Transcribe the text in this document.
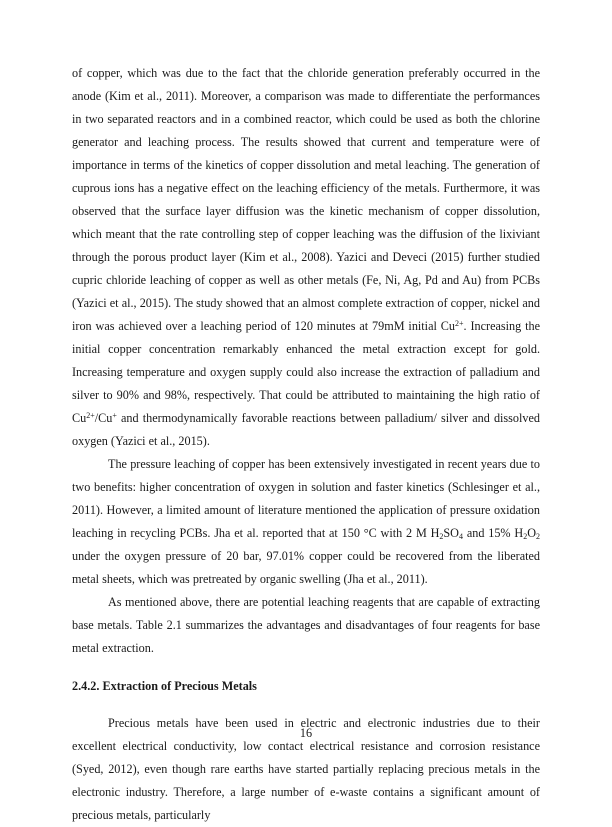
of copper, which was due to the fact that the chloride generation preferably occurred in the anode (Kim et al., 2011). Moreover, a comparison was made to differentiate the performances in two separated reactors and in a combined reactor, which could be used as both the chlorine generator and leaching process. The results showed that current and temperature were of importance in terms of the kinetics of copper dissolution and metal leaching. The generation of cuprous ions has a negative effect on the leaching efficiency of the metals. Furthermore, it was observed that the surface layer diffusion was the kinetic mechanism of copper dissolution, which meant that the rate controlling step of copper leaching was the diffusion of the lixiviant through the porous product layer (Kim et al., 2008). Yazici and Deveci (2015) further studied cupric chloride leaching of copper as well as other metals (Fe, Ni, Ag, Pd and Au) from PCBs (Yazici et al., 2015). The study showed that an almost complete extraction of copper, nickel and iron was achieved over a leaching period of 120 minutes at 79mM initial $Cu^{2+}$. Increasing the initial copper concentration remarkably enhanced the metal extraction except for gold. Increasing temperature and oxygen supply could also increase the extraction of palladium and silver to 90% and 98%, respectively. That could be attributed to maintaining the high ratio of $Cu^{2+}/Cu^+$ and thermodynamically favorable reactions between palladium/ silver and dissolved oxygen (Yazici et al., 2015).

The pressure leaching of copper has been extensively investigated in recent years due to two benefits: higher concentration of oxygen in solution and faster kinetics (Schlesinger et al., 2011). However, a limited amount of literature mentioned the application of pressure oxidation leaching in recycling PCBs. Jha et al. reported that at 150 °C with 2 M $H_2SO_4$ and 15% $H_2O_2$ under the oxygen pressure of 20 bar, 97.01% copper could be recovered from the liberated metal sheets, which was pretreated by organic swelling (Jha et al., 2011).

As mentioned above, there are potential leaching reagents that are capable of extracting base metals. Table 2.1 summarizes the advantages and disadvantages of four reagents for base metal extraction.

2.4.2. Extraction of Precious Metals

Precious metals have been used in electric and electronic industries due to their excellent electrical conductivity, low contact electrical resistance and corrosion resistance (Syed, 2012), even though rare earths have started partially replacing precious metals in the electronic industry. Therefore, a large number of e-waste contains a significant amount of precious metals, particularly

16
